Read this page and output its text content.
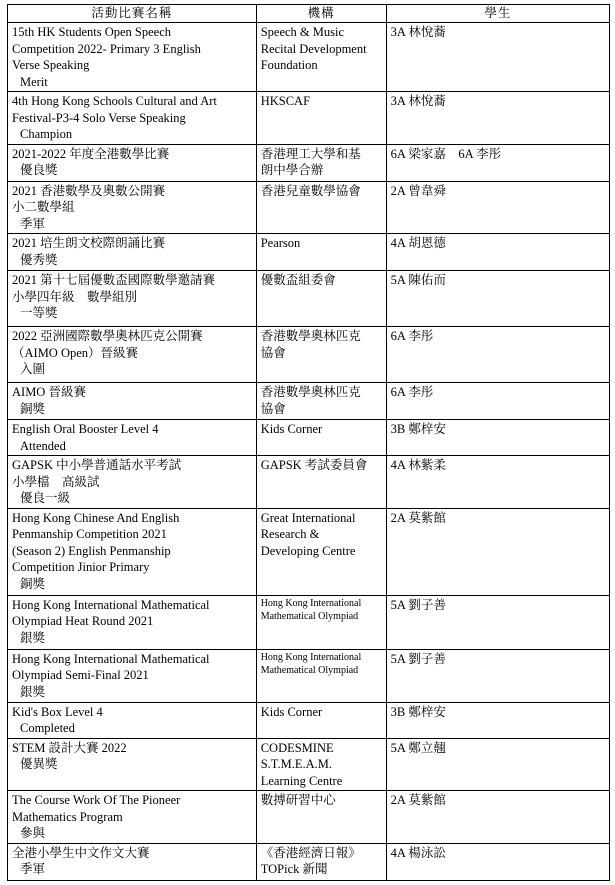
活動比賽名稱	機構	學生

15th HK Students Open Speech
Competition 2022- Primary 3 English
Verse Speaking
Merit	Speech & Music
Recital Development
Foundation	3A 林悅蕎

4th Hong Kong Schools Cultural and Art
Festival-P3-4 Solo Verse Speaking
Champion	HKSCAF	3A 林悅蕎

2021-2022 年度全港數學比賽
優良獎	香港理工大學和基
朗中學合辦	6A 梁家嘉　6A 李彤

2021 香港數學及奧數公開賽
小二數學組
季軍	香港兒童數學協會	2A 曾韋舜

2021 培生朗文校際朗誦比賽
優秀獎	Pearson	4A 胡恩德

2021 第十七屆優數盃國際數學邀請賽
小學四年級　數學組別
一等獎	優數盃組委會	5A 陳佑而

2022 亞洲國際數學奧林匹克公開賽
（AIMO Open）晉級賽
入圍	香港數學奧林匹克
協會	6A 李彤

AIMO 晉級賽
銅獎	香港數學奧林匹克
協會	6A 李彤

English Oral Booster Level 4
Attended	Kids Corner	3B 鄭梓安

GAPSK 中小學普通話水平考試
小學檔　高級試
優良一級	GAPSK 考試委員會	4A 林紫柔

Hong Kong Chinese And English
Penmanship Competition 2021
(Season 2) English Penmanship
Competition Jinior Primary
銅獎	Great International
Research &
Developing Centre	2A 莫紫館

Hong Kong International Mathematical
Olympiad Heat Round 2021
銀獎	Hong Kong International
Mathematical Olympiad	5A 劉子善

Hong Kong International Mathematical
Olympiad Semi-Final 2021
銀獎	Hong Kong International
Mathematical Olympiad	5A 劉子善

Kid's Box Level 4
Completed	Kids Corner	3B 鄭梓安

STEM 設計大賽 2022
優異獎	CODESMINE
S.T.M.E.A.M.
Learning Centre	5A 鄭立翹

The Course Work Of The Pioneer
Mathematics Program
參與	數搏研習中心	2A 莫紫館

全港小學生中文作文大賽
季軍	《香港經濟日報》
TOPick 新聞	4A 楊泳訟
